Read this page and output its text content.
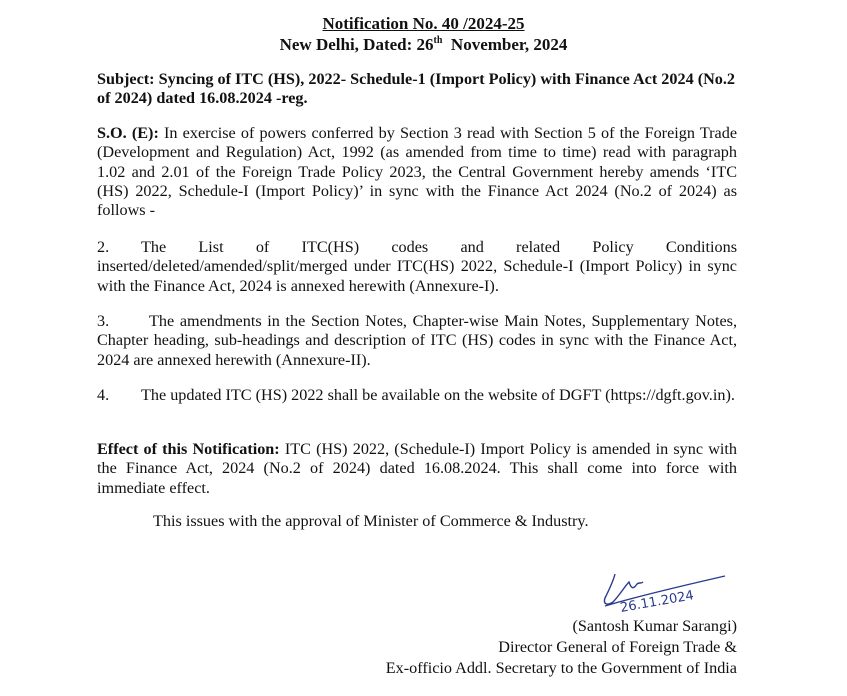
Notification No. 40 /2024-25
New Delhi, Dated: 26th  November, 2024

Subject: Syncing of ITC (HS), 2022- Schedule-1 (Import Policy) with Finance Act 2024 (No.2 of 2024) dated 16.08.2024 -reg.

S.O. (E): In exercise of powers conferred by Section 3 read with Section 5 of the Foreign Trade (Development and Regulation) Act, 1992 (as amended from time to time) read with paragraph 1.02 and 2.01 of the Foreign Trade Policy 2023, the Central Government hereby amends ‘ITC (HS) 2022, Schedule-I (Import Policy)’ in sync with the Finance Act 2024 (No.2 of 2024) as follows -

2. The List of ITC(HS) codes and related Policy Conditions inserted/deleted/amended/split/merged under ITC(HS) 2022, Schedule-I (Import Policy) in sync with the Finance Act, 2024 is annexed herewith (Annexure-I).

3. The amendments in the Section Notes, Chapter-wise Main Notes, Supplementary Notes, Chapter heading, sub-headings and description of ITC (HS) codes in sync with the Finance Act, 2024 are annexed herewith (Annexure-II).

4. The updated ITC (HS) 2022 shall be available on the website of DGFT (https://dgft.gov.in).

Effect of this Notification: ITC (HS) 2022, (Schedule-I) Import Policy is amended in sync with the Finance Act, 2024 (No.2 of 2024) dated 16.08.2024. This shall come into force with immediate effect.

This issues with the approval of Minister of Commerce & Industry.
26.11.2024
(Santosh Kumar Sarangi)
Director General of Foreign Trade &
Ex-officio Addl. Secretary to the Government of India
